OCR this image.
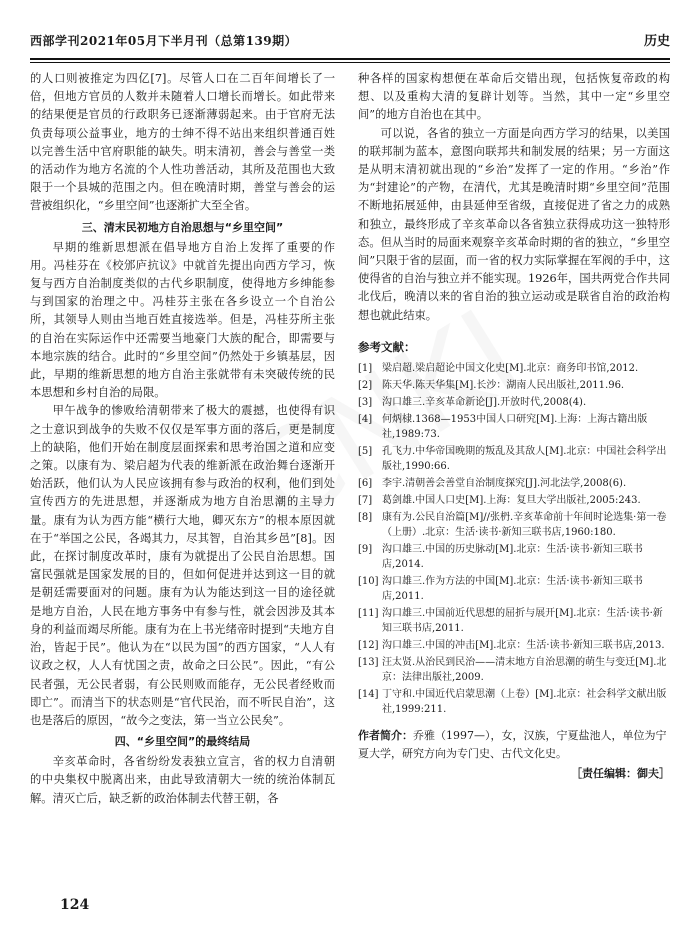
西部学刊2021年05月下半月刊（总第139期）	历史

的人口则被推定为四亿[7]。尽管人口在二百年间增长了一倍，但地方官员的人数并未随着人口增长而增长。如此带来的结果便是官员的行政职务已逐渐薄弱起来。由于官府无法负责每项公益事业，地方的士绅不得不站出来组织普通百姓以完善生活中官府职能的缺失。明末清初，善会与善堂一类的活动作为地方名流的个人性功善活动，其所及范围也大致限于一个县城的范围之内。但在晚清时期，善堂与善会的运营被组织化，“乡里空间”也逐渐扩大至全省。

三、清末民初地方自治思想与“乡里空间”

早期的维新思想派在倡导地方自治上发挥了重要的作用。冯桂芬在《校邠庐抗议》中就首先提出向西方学习，恢复与西方自治制度类似的古代乡职制度，使得地方乡绅能参与到国家的治理之中。冯桂芬主张在各乡设立一个自治公所，其领导人则由当地百姓直接选举。但是，冯桂芬所主张的自治在实际运作中还需要当地豪门大族的配合，即需要与本地宗族的结合。此时的“乡里空间”仍然处于乡镇基层，因此，早期的维新思想的地方自治主张就带有未突破传统的民本思想和乡村自治的局限。

甲午战争的惨败给清朝带来了极大的震撼，也使得有识之士意识到战争的失败不仅仅是军事方面的落后，更是制度上的缺陷，他们开始在制度层面探索和思考治国之道和应变之策。以康有为、梁启超为代表的维新派在政治舞台逐渐开始活跃，他们认为人民应该拥有参与政治的权利，他们到处宣传西方的先进思想，并逐渐成为地方自治思潮的主导力量。康有为认为西方能“横行大地，卿灭东方”的根本原因就在于“举国之公民，各竭其力，尽其智，自治其乡邑”[8]。因此，在探讨制度改革时，康有为就提出了公民自治思想。国富民强就是国家发展的目的，但如何促进并达到这一目的就是朝廷需要面对的问题。康有为认为能达到这一目的途径就是地方自治，人民在地方事务中有参与性，就会因涉及其本身的利益而竭尽所能。康有为在上书光绪帝时提到“夫地方自治，皆起于民”。他认为在“以民为国”的西方国家，“人人有议政之权，人人有忧国之责，故命之曰公民”。因此，“有公民者强，无公民者弱，有公民则败而能存，无公民者经败而即亡”。而清当下的状态则是“官代民治，而不听民自治”，这也是落后的原因，“故今之变法，第一当立公民矣”。

四、“乡里空间”的最终结局

辛亥革命时，各省纷纷发表独立宣言，省的权力自清朝的中央集权中脱离出来，由此导致清朝大一统的统治体制瓦解。清灭亡后，缺乏新的政治体制去代替王朝，各

种各样的国家构想便在革命后交错出现，包括恢复帝政的构想、以及重构大清的复辟计划等。当然，其中一定“乡里空间”的地方自治也在其中。

可以说，各省的独立一方面是向西方学习的结果，以美国的联邦制为蓝本，意图向联邦共和制发展的结果；另一方面这是从明末清初就出现的“乡治”发挥了一定的作用。“乡治”作为“封建论”的产物，在清代，尤其是晚清时期“乡里空间”范围不断地拓展延伸，由县延伸至省级，直接促进了省之力的成熟和独立，最终形成了辛亥革命以各省独立获得成功这一独特形态。但从当时的局面来观察辛亥革命时期的省的独立，“乡里空间”只限于省的层面，而一省的权力实际掌握在军阀的手中，这使得省的自治与独立并不能实现。1926年，国共两党合作共同北伐后，晚清以来的省自治的独立运动或是联省自治的政治构想也就此结束。

参考文献：
[1] 梁启超.梁启超论中国文化史[M].北京：商务印书馆,2012.
[2] 陈天华.陈天华集[M].长沙：湖南人民出版社,2011.96.
[3] 沟口雄三.辛亥革命新论[J].开放时代,2008(4).
[4] 何炳棣.1368—1953中国人口研究[M].上海：上海古籍出版社,1989:73.
[5] 孔飞力.中华帝国晚期的叛乱及其敌人[M].北京：中国社会科学出版社,1990:66.
[6] 李宇.清朝善会善堂自治制度探究[J].河北法学,2008(6).
[7] 葛剑雄.中国人口史[M].上海：复旦大学出版社,2005:243.
[8] 康有为.公民自治篇[M]//张枬.辛亥革命前十年间时论选集·第一卷（上册）.北京：生活·读书·新知三联书店,1960:180.
[9] 沟口雄三.中国的历史脉动[M].北京：生活·读书·新知三联书店,2014.
[10] 沟口雄三.作为方法的中国[M].北京：生活·读书·新知三联书店,2011.
[11] 沟口雄三.中国前近代思想的屈折与展开[M].北京：生活·读书·新知三联书店,2011.
[12] 沟口雄三.中国的冲击[M].北京：生活·读书·新知三联书店,2013.
[13] 汪太贤.从治民到民治——清末地方自治思潮的萌生与变迁[M].北京：法律出版社,2009.
[14] 丁守和.中国近代启蒙思潮（上卷）[M].北京：社会科学文献出版社,1999:211.
作者简介：乔雅（1997—），女，汉族，宁夏盐池人，单位为宁夏大学，研究方向为专门史、古代文化史。
［责任编辑：御夫］
124
